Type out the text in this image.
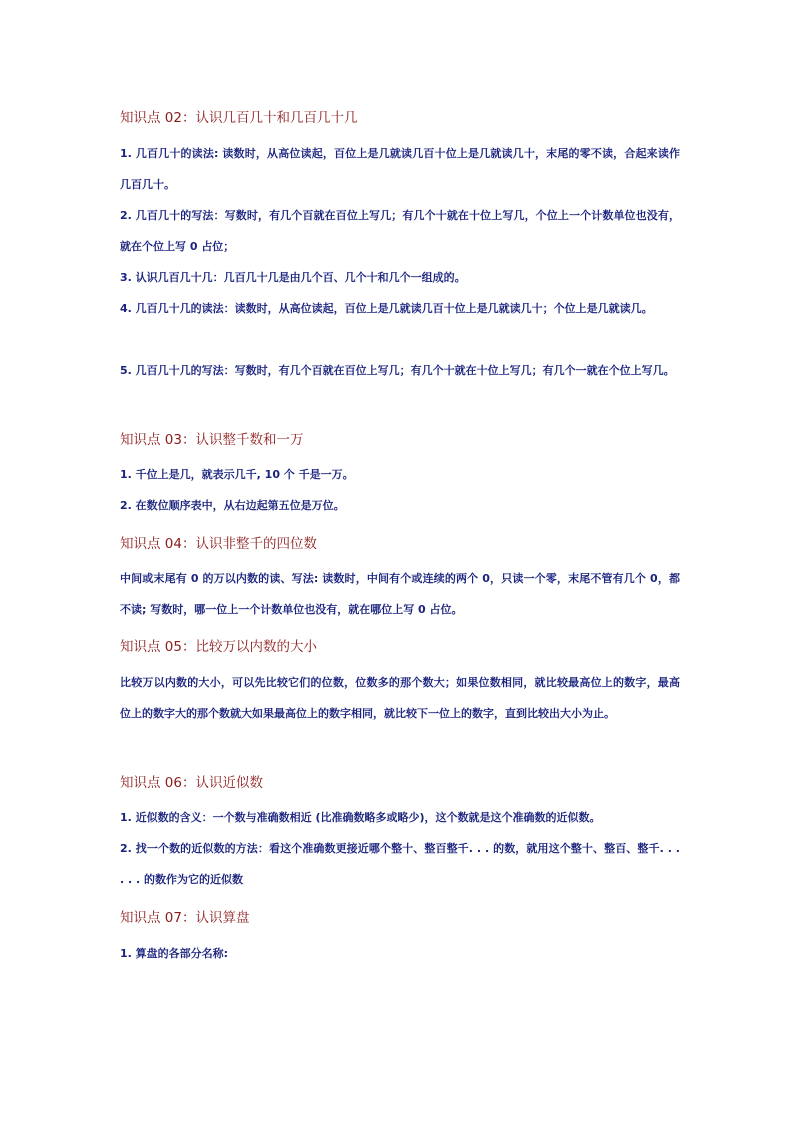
知识点 02：认识几百几十和几百几十几
1. 几百几十的读法: 读数时，从高位读起，百位上是几就读几百十位上是几就读几十，末尾的零不读，合起来读作几百几十。
2. 几百几十的写法：写数时，有几个百就在百位上写几；有几个十就在十位上写几，个位上一个计数单位也没有，就在个位上写 0 占位；
3. 认识几百几十几：几百几十几是由几个百、几个十和几个一组成的。
4. 几百几十几的读法：读数时，从高位读起，百位上是几就读几百十位上是几就读几十；个位上是几就读几。
5. 几百几十几的写法：写数时，有几个百就在百位上写几；有几个十就在十位上写几；有几个一就在个位上写几。
知识点 03：认识整千数和一万
1. 千位上是几，就表示几千, 10 个 千是一万。
2. 在数位顺序表中，从右边起第五位是万位。
知识点 04：认识非整千的四位数
中间或末尾有 0 的万以内数的读、写法: 读数时，中间有个或连续的两个 0，只读一个零，末尾不管有几个 0，都不读; 写数时，哪一位上一个计数单位也没有，就在哪位上写 0 占位。
知识点 05：比较万以内数的大小
比较万以内数的大小，可以先比较它们的位数，位数多的那个数大；如果位数相同，就比较最高位上的数字，最高位上的数字大的那个数就大如果最高位上的数字相同，就比较下一位上的数字，直到比较出大小为止。
知识点 06：认识近似数
1. 近似数的含义：一个数与准确数相近 (比准确数略多或略少)，这个数就是这个准确数的近似数。
2. 找一个数的近似数的方法：看这个准确数更接近哪个整十、整百整千. . . 的数，就用这个整十、整百、整千. . . . . . 的数作为它的近似数
知识点 07：认识算盘
1. 算盘的各部分名称:
